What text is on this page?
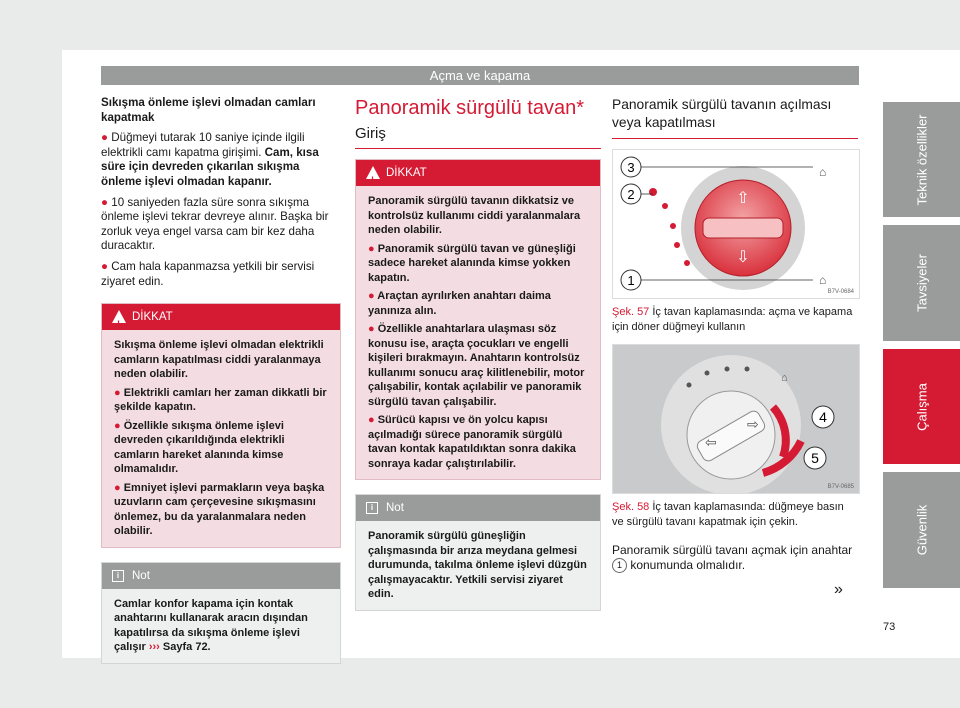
Açma ve kapama

Sıkışma önleme işlevi olmadan camları kapatmak

● Düğmeyi tutarak 10 saniye içinde ilgili elektrikli camı kapatma girişimi. Cam, kısa süre için devreden çıkarılan sıkışma önleme işlevi olmadan kapanır.

● 10 saniyeden fazla süre sonra sıkışma önleme işlevi tekrar devreye alınır. Başka bir zorluk veya engel varsa cam bir kez daha duracaktır.

● Cam hala kapanmazsa yetkili bir servisi ziyaret edin.

!
DİKKAT

Sıkışma önleme işlevi olmadan elektrikli camların kapatılması ciddi yaralanmaya neden olabilir.

● Elektrikli camları her zaman dikkatli bir şekilde kapatın.

● Özellikle sıkışma önleme işlevi devreden çıkarıldığında elektrikli camların hareket alanında kimse olmamalıdır.

● Emniyet işlevi parmakların veya başka uzuvların cam çerçevesine sıkışmasını önlemez, bu da yaralanmalara neden olabilir.

i	Not

Camlar konfor kapama için kontak anahtarını kullanarak aracın dışından kapatılırsa da sıkışma önleme işlevi çalışır ››› Sayfa 72.

Panoramik sürgülü tavan*
Giriş
!
DİKKAT

Panoramik sürgülü tavanın dikkatsiz ve kontrolsüz kullanımı ciddi yaralanmalara neden olabilir.

● Panoramik sürgülü tavan ve güneşliği sadece hareket alanında kimse yokken kapatın.

● Araçtan ayrılırken anahtarı daima yanınıza alın.

● Özellikle anahtarlara ulaşması söz konusu ise, araçta çocukları ve engelli kişileri bırakmayın. Anahtarın kontrolsüz kullanımı sonucu araç kilitlenebilir, motor çalışabilir, kontak açılabilir ve panoramik sürgülü tavan çalışabilir.

● Sürücü kapısı ve ön yolcu kapısı açılmadığı sürece panoramik sürgülü tavan kontak kapatıldıktan sonra dakika sonraya kadar çalıştırılabilir.

i	Not

Panoramik sürgülü güneşliğin çalışmasında bir arıza meydana gelmesi durumunda, takılma önleme işlevi düzgün çalışmayacaktır. Yetkili servisi ziyaret edin.

Panoramik sürgülü tavanın açılması veya kapatılması
⇧
⇩
⌂
⌂
3
2
1
B7V-0684

Şek. 57 İç tavan kaplamasında: açma ve kapama için döner düğmeyi kullanın

⇦
⇨	4
5
⌂
B7V-0685

Şek. 58 İç tavan kaplamasında: düğmeye basın ve sürgülü tavanı kapatmak için çekin.

Panoramik sürgülü tavanı açmak için anahtar 1 konumunda olmalıdır.

»
Teknik özellikler
Tavsiyeler
Çalışma
Güvenlik
73
